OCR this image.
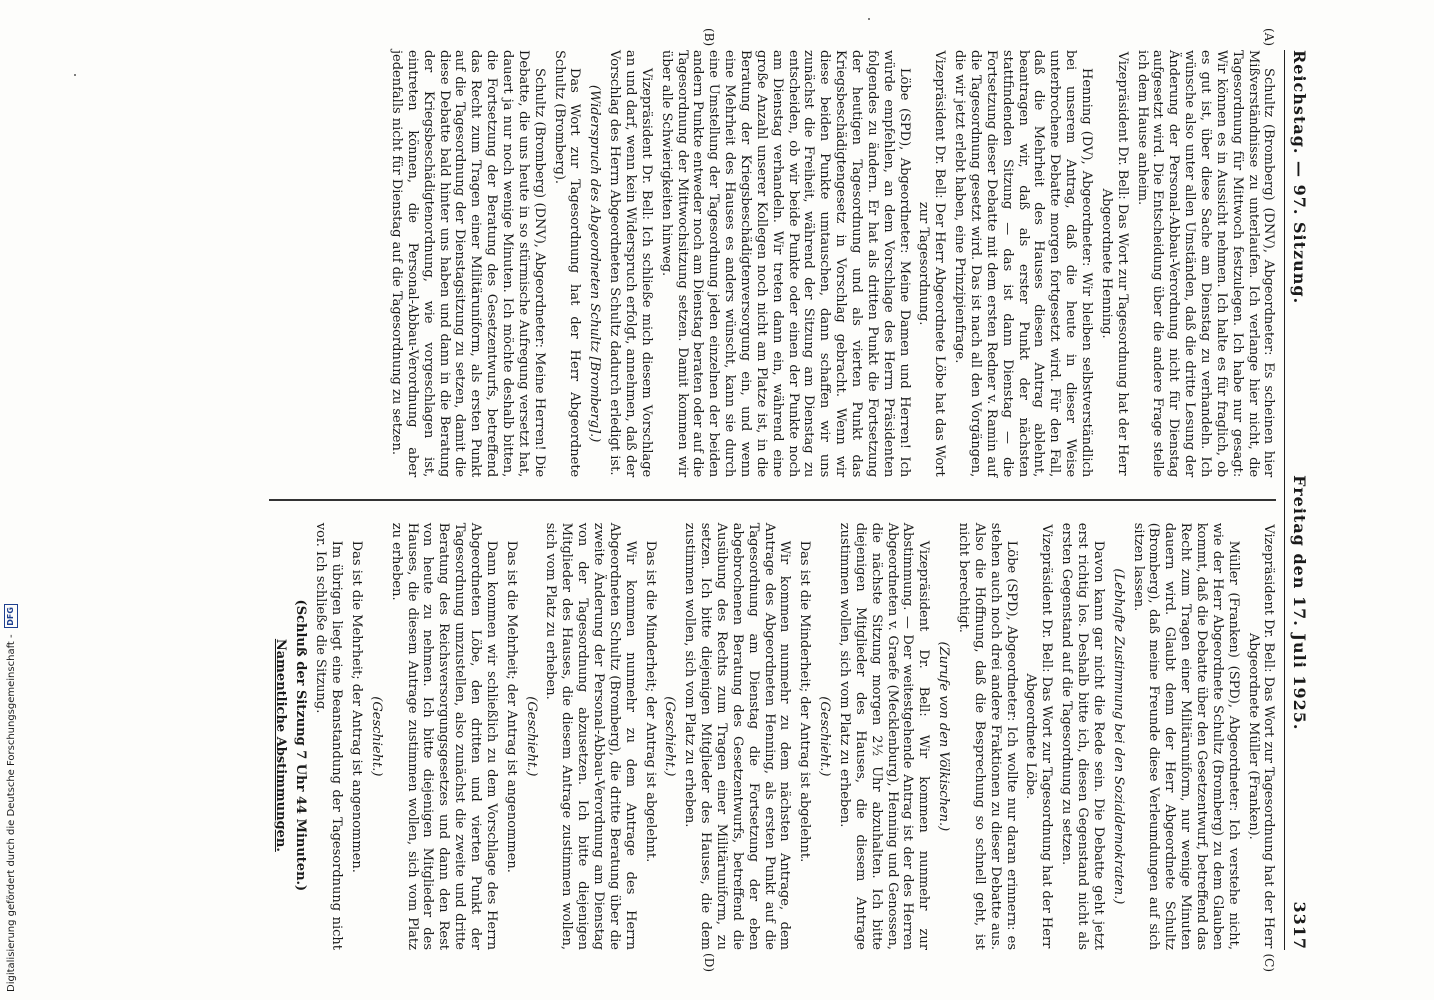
Reichstag. — 97. Sitzung.
Freitag den 17. Juli 1925.
3317
(A)
(B)
(C)
(D)

Schultz (Bromberg) (DNV), Abgeordneter: Es scheinen hier Mißverständnisse zu unterlaufen. Ich verlange hier nicht, die Tagesordnung für Mittwoch festzulegen. Ich habe nur gesagt: Wir können es in Aussicht nehmen. Ich halte es für fraglich, ob es gut ist, über diese Sache am Dienstag zu verhandeln. Ich wünsche also unter allen Umständen, daß die dritte Lesung der Änderung der Personal-Abbau-Verordnung nicht für Dienstag aufgesetzt wird. Die Entscheidung über die andere Frage stelle ich dem Hause anheim.

Vizepräsident Dr. Bell: Das Wort zur Tagesordnung hat der Herr Abgeordnete Henning.

Henning (DV), Abgeordneter: Wir bleiben selbstverständlich bei unserem Antrag, daß die heute in dieser Weise unterbrochene Debatte morgen fortgesetzt wird. Für den Fall, daß die Mehrheit des Hauses diesen Antrag ablehnt, beantragen wir, daß als erster Punkt der nächsten stattfindenden Sitzung — das ist dann Dienstag — die Fortsetzung dieser Debatte mit dem ersten Redner v. Ramin auf die Tagesordnung gesetzt wird. Das ist nach all den Vorgängen, die wir jetzt erlebt haben, eine Prinzipienfrage.

Vizepräsident Dr. Bell: Der Herr Abgeordnete Löbe hat das Wort zur Tagesordnung.

Löbe (SPD), Abgeordneter: Meine Damen und Herren! Ich würde empfehlen, an dem Vorschlage des Herrn Präsidenten folgendes zu ändern. Er hat als dritten Punkt die Fortsetzung der heutigen Tagesordnung und als vierten Punkt das Kriegsbeschädigtengesetz in Vorschlag gebracht. Wenn wir diese beiden Punkte umtauschen, dann schaffen wir uns zunächst die Freiheit, während der Sitzung am Dienstag zu entscheiden, ob wir beide Punkte oder einen der Punkte noch am Dienstag verhandeln. Wir treten dann ein, während eine große Anzahl unserer Kollegen noch nicht am Platze ist, in die Beratung der Kriegsbeschädigtenversorgung ein, und wenn eine Mehrheit des Hauses es anders wünscht, kann sie durch eine Umstellung der Tagesordnung jeden einzelnen der beiden andern Punkte entweder noch am Dienstag beraten oder auf die Tagesordnung der Mittwochsitzung setzen. Damit kommen wir über alle Schwierigkeiten hinweg.

Vizepräsident Dr. Bell: Ich schließe mich diesem Vorschlage an und darf, wenn kein Widerspruch erfolgt, annehmen, daß der Vorschlag des Herrn Abgeordneten Schultz dadurch erledigt ist.

(Widerspruch des Abgeordneten Schultz [Bromberg].)

Das Wort zur Tagesordnung hat der Herr Abgeordnete Schultz (Bromberg).

Schultz (Bromberg) (DNV), Abgeordneter: Meine Herren! Die Debatte, die uns heute in so stürmische Aufregung versetzt hat, dauert ja nur noch wenige Minuten. Ich möchte deshalb bitten, die Fortsetzung der Beratung des Gesetzentwurfs, betreffend das Recht zum Tragen einer Militäruniform, als ersten Punkt auf die Tagesordnung der Dienstagsitzung zu setzen, damit die diese Debatte bald hinter uns haben und dann in die Beratung der Kriegsbeschädigtenordnung, wie vorgeschlagen ist, eintreten können, die Personal-Abbau-Verordnung aber jedenfalls nicht für Dienstag auf die Tagesordnung zu setzen.

Vizepräsident Dr. Bell: Das Wort zur Tagesordnung hat der Herr Abgeordnete Müller (Franken).

Müller (Franken) (SPD), Abgeordneter: Ich verstehe nicht, wie der Herr Abgeordnete Schultz (Bromberg) zu dem Glauben kommt, daß die Debatte über den Gesetzentwurf, betreffend das Recht zum Tragen einer Militäruniform, nur wenige Minuten dauern wird. Glaubt denn der Herr Abgeordnete Schultz (Bromberg), daß meine Freunde diese Verleumdungen auf sich sitzen lassen.

(Lebhafte Zustimmung bei den Sozialdemokraten.)

Davon kann gar nicht die Rede sein. Die Debatte geht jetzt erst richtig los. Deshalb bitte ich, diesen Gegenstand nicht als ersten Gegenstand auf die Tagesordnung zu setzen.

Vizepräsident Dr. Bell: Das Wort zur Tagesordnung hat der Herr Abgeordnete Löbe.

Löbe (SPD), Abgeordneter: Ich wollte nur daran erinnern: es stehen auch noch drei andere Fraktionen zu dieser Debatte aus. Also die Hoffnung, daß die Besprechung so schnell geht, ist nicht berechtigt.

(Zurufe von den Völkischen.)

Vizepräsident Dr. Bell: Wir kommen nunmehr zur Abstimmung. — Der weitestgehende Antrag ist der des Herren Abgeordneten v. Graefe (Mecklenburg), Henning und Genossen, die nächste Sitzung morgen 2½ Uhr abzuhalten. Ich bitte diejenigen Mitglieder des Hauses, die diesem Antrage zustimmen wollen, sich vom Platz zu erheben.

(Geschieht.)

Das ist die Minderheit; der Antrag ist abgelehnt.

Wir kommen nunmehr zu dem nächsten Antrage, dem Antrage des Abgeordneten Henning, als ersten Punkt auf die Tagesordnung am Dienstag die Fortsetzung der eben abgebrochenen Beratung des Gesetzentwurfs, betreffend die Ausübung des Rechts zum Tragen einer Militäruniform, zu setzen. Ich bitte diejenigen Mitglieder des Hauses, die dem zustimmen wollen, sich vom Platz zu erheben.

(Geschieht.)

Das ist die Minderheit; der Antrag ist abgelehnt.

Wir kommen nunmehr zu dem Antrage des Herrn Abgeordneten Schultz (Bromberg), die dritte Beratung über die zweite Änderung der Personal-Abbau-Verordnung am Dienstag von der Tagesordnung abzusetzen. Ich bitte diejenigen Mitglieder des Hauses, die diesem Antrage zustimmen wollen, sich vom Platz zu erheben.

(Geschieht.)

Das ist die Mehrheit; der Antrag ist angenommen.

Dann kommen wir schließlich zu dem Vorschlage des Herrn Abgeordneten Löbe, den dritten und vierten Punkt der Tagesordnung umzustellen, also zunächst die zweite und dritte Beratung des Reichsversorgungsgesetzes und dann den Rest von heute zu nehmen. Ich bitte diejenigen Mitglieder des Hauses, die diesem Antrage zustimmen wollen, sich vom Platz zu erheben.

(Geschieht.)

Das ist die Mehrheit; der Antrag ist angenommen.

Im übrigen liegt eine Beanstandung der Tagesordnung nicht vor. Ich schließe die Sitzung.

(Schluß der Sitzung 7 Uhr 44 Minuten.)

Namentliche Abstimmungen.

Digitalisierung gefördert durch die Deutsche Forschungsgemeinschaft -
DFG
